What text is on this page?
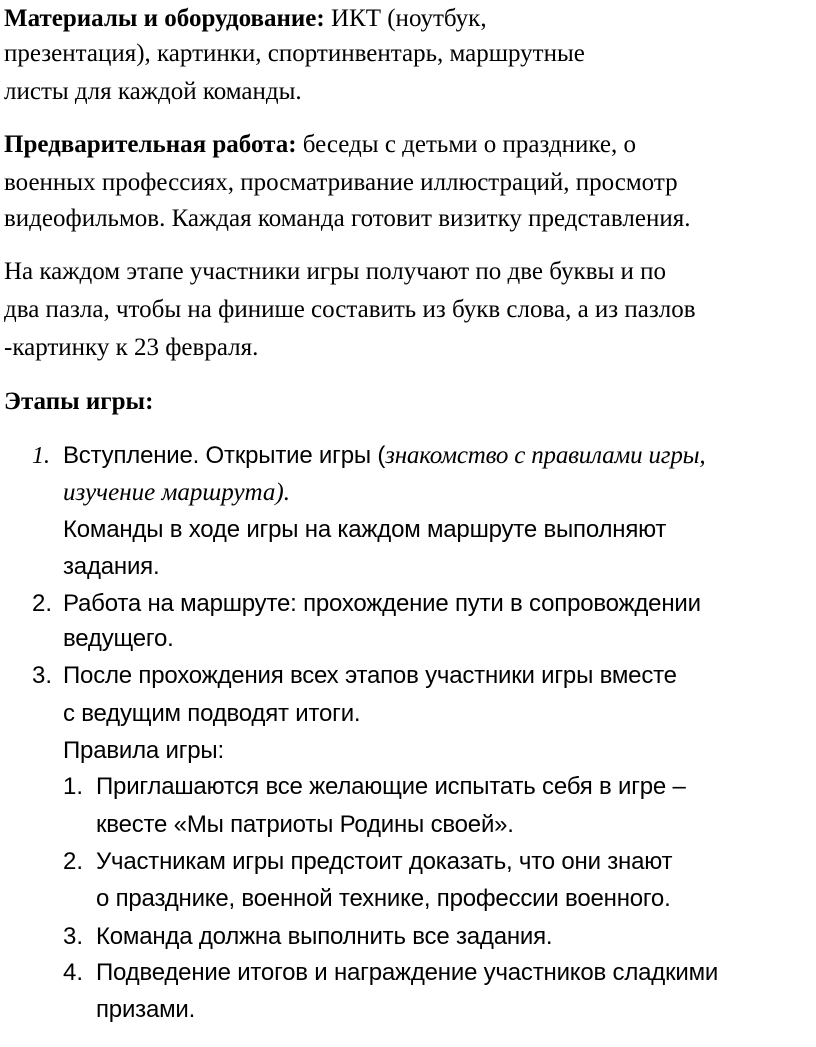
Материалы и оборудование: ИКТ (ноутбук,
презентация), картинки, спортинвентарь, маршрутные
листы для каждой команды.
Предварительная работа: беседы с детьми о празднике, о
военных профессиях, просматривание иллюстраций, просмотр
видеофильмов. Каждая команда готовит визитку представления.
На каждом этапе участники игры получают по две буквы и по
два пазла, чтобы на финише составить из букв слова, а из пазлов
-картинку к 23 февраля.
Этапы игры:
1. Вступление. Открытие игры (знакомство с правилами игры,
изучение маршрута).
Команды в ходе игры на каждом маршруте выполняют
задания.
2. Работа на маршруте: прохождение пути в сопровождении
ведущего.
3. После прохождения всех этапов участники игры вместе
с ведущим подводят итоги.
Правила игры:
1. Приглашаются все желающие испытать себя в игре –
квесте «Мы патриоты Родины своей».
2. Участникам игры предстоит доказать, что они знают
о празднике, военной технике, профессии военного.
3. Команда должна выполнить все задания.
4. Подведение итогов и награждение участников сладкими
призами.
